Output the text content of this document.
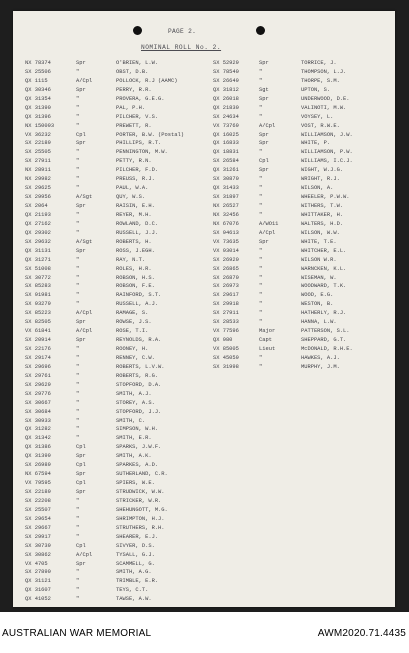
PAGE 2.
NOMINAL ROLL No. 2.
NX 78374	Spr	O'BRIEN, L.W.
SX 25506	"	OBST, D.B.
QX 1115	A/Cpl	POLLOCK, R.J (AAMC)
QX 30346	Spr	PERRY, R.R.
QX 31354	"	PROVERA, G.E.G.
QX 31390	"	PAL, P.H.
QX 31396	"	PILCHER, V.S.
NX 150093	"	PREWETT, R.
VX 36232	Cpl	PORTER, B.W. (Postal)
SX 22189	Spr	PHILLIPS, R.T.
SX 25505	"	PENNINGTON, M.W.
SX 27911	"	PETTY, R.N.
NX 28911	"	PILCHER, F.D.
NX 29982	"	PREUSS, R.J.
SX 29625	"	PAUL, W.A.
SX 29956	A/Sgt	QUY, W.S.
SX 2064	Spr	RAISIN, E.H.
QX 21193	"	REYER, M.H.
QX 27162	"	ROWLAND, D.C.
QX 29302	"	RUSSELL, J.J.
SX 29632	A/Sgt	ROBERTS, H.
QX 31131	Spr	ROSS, J.EGH.
QX 31271	"	RAY, N.T.
SX 51008	"	ROLES, H.R.
SX 30772	"	ROBSON, H.S.
SX 85283	"	ROBSON, F.E.
SX 91981	"	RAINFORD, S.T.
SX 93279	"	RUSSELL, A.J.
SX 85223	A/Cpl	RAMAGE, S.
SX 82505	Spr	ROWSE, J.S.
VX 61841	A/Cpl	ROSE, T.I.
SX 20914	Spr	REYNOLDS, R.A.
SX 22176	"	ROONEY, H.
SX 29174	"	RENNEY, C.W.
SX 29696	"	ROBERTS, L.V.W.
SX 29761	"	ROBERTS, R.G.
SX 29629	"	STOPFORD, D.A.
SX 29776	"	SMITH, A.J.
SX 30667	"	STOREY, A.S.
SX 30684	"	STOPFORD, J.J.
SX 30933	"	SMITH, C.
QX 31282	"	SIMPSON, W.H.
QX 31342	"	SMITH, E.R.
QX 31386	Cpl	SPARKS, J.W.F.
QX 31399	Spr	SMITH, A.K.
SX 26989	Cpl	SPARKES, A.D.
NX 67594	Spr	SUTHERLAND, C.R.
VX 79595	Cpl	SPIERS, W.E.
SX 22189	Spr	STRUDWICK, W.W.
SX 22208	"	STRICKER, W.R.
SX 25507	"	SHEHUNGOTT, M.G.
SX 29654	"	SHRIMPTON, H.J.
SX 29667	"	STRUTHERS, R.H.
SX 29917	"	SHEARER, E.J.
SX 30739	Cpl	SIVYER, D.S.
SX 30862	A/Cpl	TYSALL, G.J.
VX 4705	Spr	SCAMMELL, G.
SX 27890	"	SMITH, A.G.
QX 31121	"	TRIMBLE, E.R.
QX 31607	"	TEYS, C.T.
QX 41052	"	TAWSE, A.W.
SX 52929	Spr	TORRICE, J.
SX 78540	"	THOMPSON, L.J.
SX 26649	"	THORPE, S.M.
QX 31812	Sgt	UPTON, S.
QX 26018	Spr	UNDERWOOD, D.E.
QX 21830	"	VALINOTI, M.W.
SX 24634	"	VOYSEY, L.
VX 73769	A/Cpl	VOST, R.W.E.
QX 16025	Spr	WILLIAMSON, J.W.
QX 16833	Spr	WHITE, P.
QX 18831	"	WILLIAMSON, P.W.
SX 26584	Cpl	WILLIAMS, I.C.J.
QX 31261	Spr	WIGHT, W.J.G.
SX 30870	"	WRIGHT, R.J.
QX 31433	"	WILSON, A.
SX 31897	"	WHEELER, P.W.W.
NX 26527	"	WITHERS, T.W.
NX 32456	"	WHITTAKER, H.
NX 67076	A/WO11	WALTERS, H.D.
SX 94613	A/Cpl	WILSON, W.W.
VX 73635	Spr	WHITE, T.E.
VX 93014	"	WHITCHER, E.L.
SX 26920	"	WILSON W.R.
SX 26865	"	WARNCKEN, K.L.
SX 26870	"	WISEMAN, W.
SX 26973	"	WOODWARD, T.K.
SX 29617	"	WOOD, E.G.
SX 29918	"	WESTON, B.
SX 27911	"	HATHERLY, R.J.
SX 28533	"	HANNA, L.W.
VX 77596	Major	PATTERSON, S.L.
QX 980	Capt	SHEPPARD, G.T.
VX 85005	Lieut	McDONALD, R.H.E.
SX 45059	"	HAWKES, A.J.
SX 31998	"	MURPHY, J.M.
AUSTRALIAN WAR MEMORIAL	AWM2020.71.4435
